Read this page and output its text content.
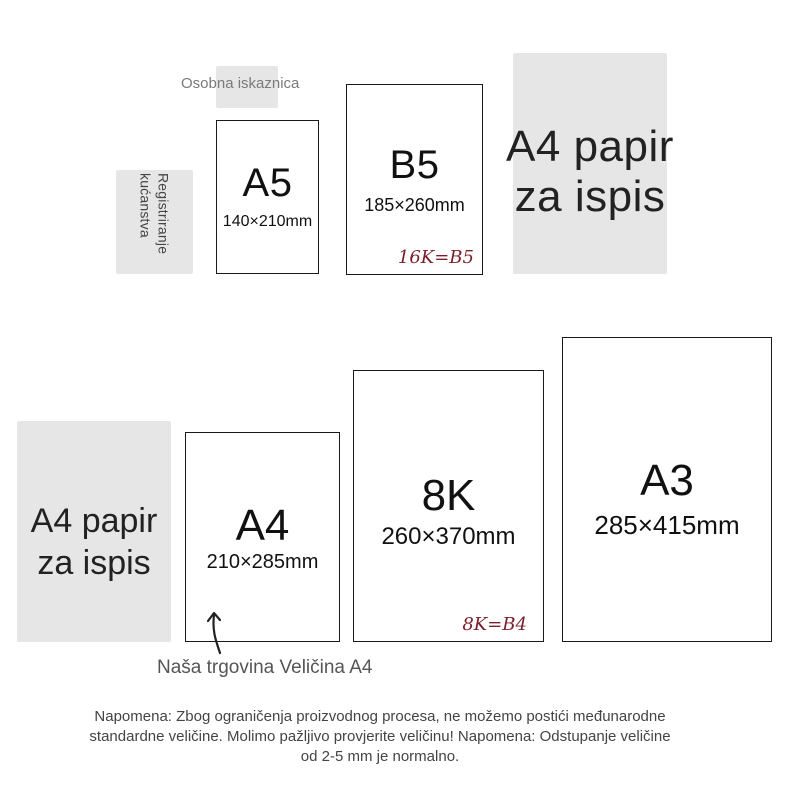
Osobna iskaznica
Registriranje kućanstva	A5
140×210mm
B5
185×260mm
16K=B5
A4 papir
za ispis
A4 papir
za ispis
A4
210×285mm
8K
260×370mm
8K=B4
A3
285×415mm
Naša trgovina Veličina A4
Napomena: Zbog ograničenja proizvodnog procesa, ne možemo postići međunarodne
standardne veličine. Molimo pažljivo provjerite veličinu! Napomena: Odstupanje veličine
od 2-5 mm je normalno.
